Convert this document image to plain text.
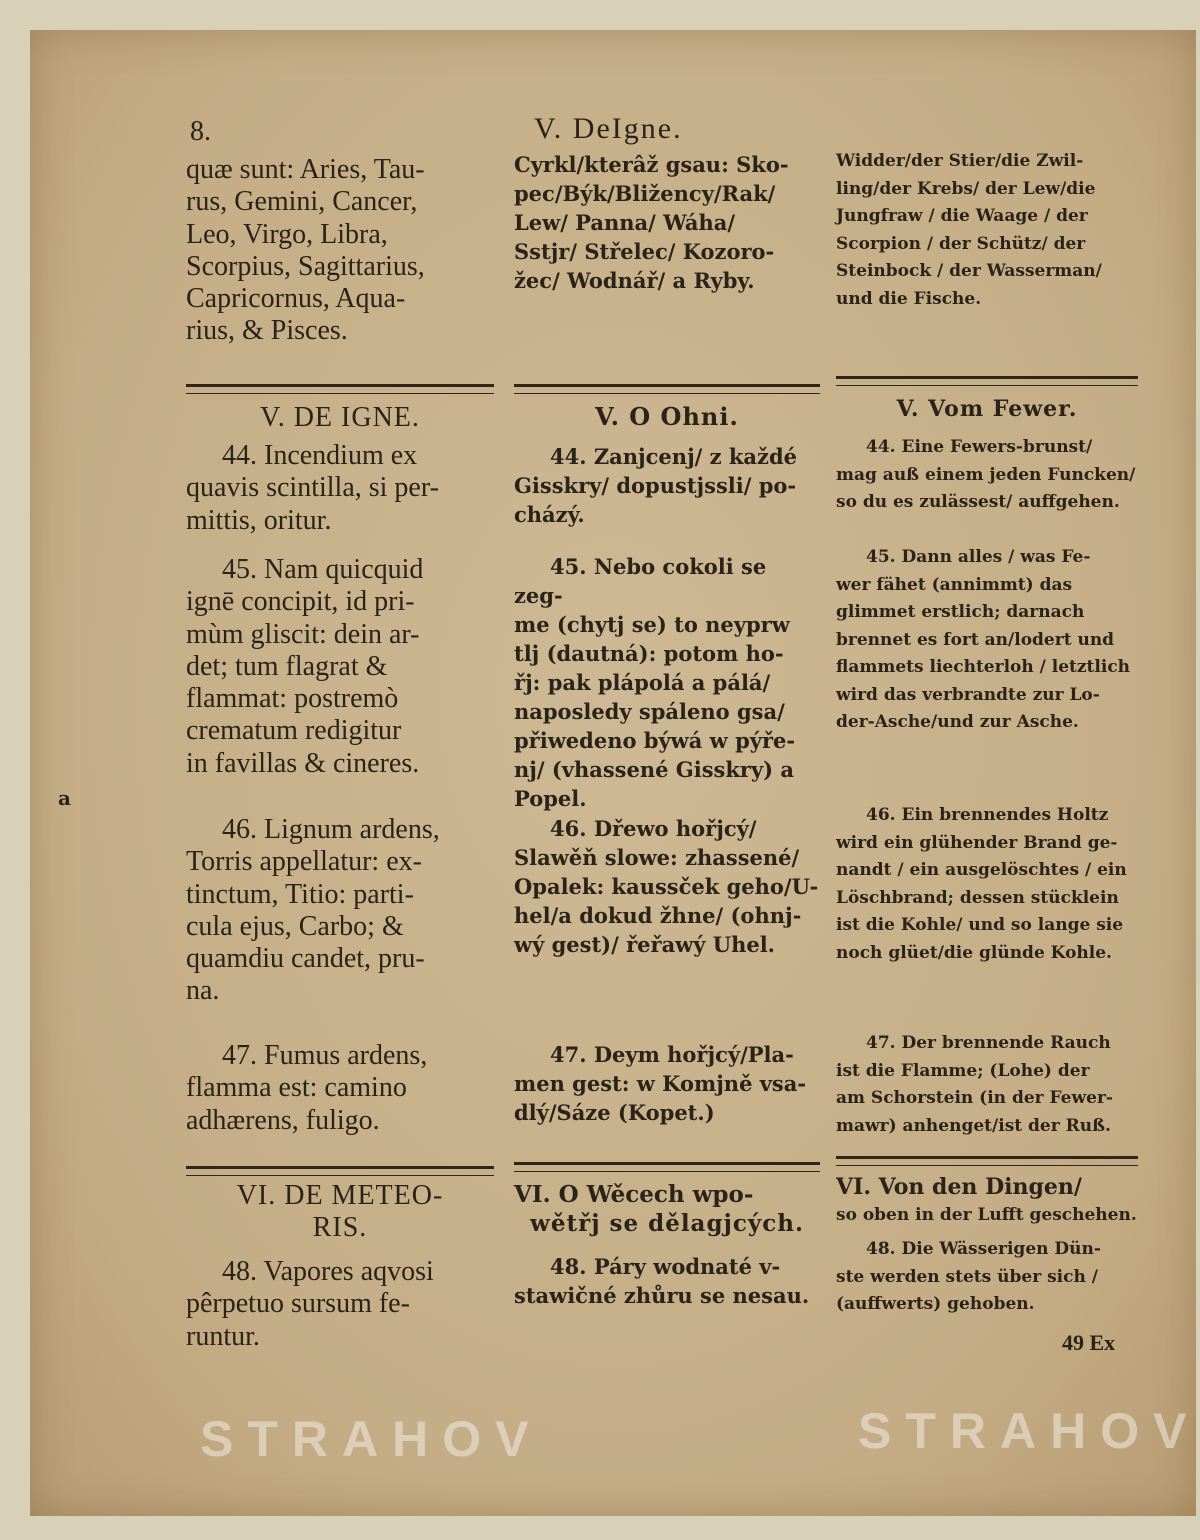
8.	V. DeIgne.
a
quæ sunt: Aries, Tau-
rus, Gemini, Cancer,
Leo, Virgo, Libra,
Scorpius, Sagittarius,
Capricornus, Aqua-
rius, & Pisces.
V. DE IGNE.
44. Incendium ex
quavis scintilla, si per-
mittis, oritur.
45. Nam quicquid
ignē concipit, id pri-
mùm gliscit: dein ar-
det; tum flagrat &
flammat: postremò
crematum redigitur
in favillas & cineres.
46. Lignum ardens,
Torris appellatur: ex-
tinctum, Titio: parti-
cula ejus, Carbo; &
quamdiu candet, pru-
na.
47. Fumus ardens,
flamma est: camino
adhærens, fuligo.
VI. DE METEO-
RIS.
48. Vapores aqvosi
pêrpetuo sursum fe-
runtur.
Cyrkl/kterâž gsau: Sko-
pec/Býk/Bližency/Rak/
Lew/ Panna/ Wáha/
Sstjr/ Střelec/ Kozoro-
žec/ Wodnář/ a Ryby.
V. O Ohni.
44. Zanjcenj/ z každé
Gisskry/ dopustjssli/ po-
cházý.
45. Nebo cokoli se zeg-
me (chytj se) to neyprw
tlj (dautná): potom ho-
řj: pak plápolá a pálá/
naposledy spáleno gsa/
přiwedeno býwá w pýře-
nj/ (vhassené Gisskry) a
Popel.
46. Dřewo hořjcý/
Slawěň slowe: zhassené/
Opalek: kaussček geho/U-
hel/a dokud žhne/ (ohnj-
wý gest)/ řeřawý Uhel.
47. Deym hořjcý/Pla-
men gest: w Komjně vsa-
dlý/Sáze (Kopet.)
VI. O Wěcech wpo-
wětřj se dělagjcých.
48. Páry wodnaté v-
stawičné zhůru se nesau.
Widder/der Stier/die Zwil-
ling/der Krebs/ der Lew/die
Jungfraw / die Waage / der
Scorpion / der Schütz/ der
Steinbock / der Wasserman/
und die Fische.
V. Vom Fewer.
44. Eine Fewers-brunst/
mag auß einem jeden Funcken/
so du es zulässest/ auffgehen.
45. Dann alles / was Fe-
wer fähet (annimmt) das
glimmet erstlich; darnach
brennet es fort an/lodert und
flammets liechterloh / letztlich
wird das verbrandte zur Lo-
der-Asche/und zur Asche.
46. Ein brennendes Holtz
wird ein glühender Brand ge-
nandt / ein ausgelöschtes / ein
Löschbrand; dessen stücklein
ist die Kohle/ und so lange sie
noch glüet/die glünde Kohle.
47. Der brennende Rauch
ist die Flamme; (Lohe) der
am Schorstein (in der Fewer-
mawr) anhenget/ist der Ruß.
VI. Von den Dingen/
so oben in der Lufft geschehen.
48. Die Wässerigen Dün-
ste werden stets über sich /
(auffwerts) gehoben.
49 Ex
STRAHOV	STRAHOV
